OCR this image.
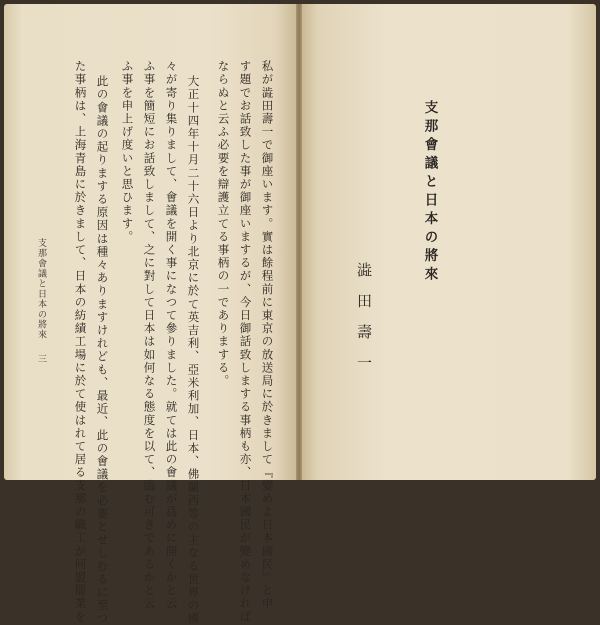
支那會議と日本の將來
三	私が澁田壽一で御座います。實は餘程前に東京の放送局に於きまして『變めよ日本國民』と申
す題でお話致した事が御座いまするが、今日御話致しまする事柄も亦、日本國民が變めなければ
ならぬと云ふ必要を辯護立てる事柄の一でありまする。
大正十四年十月二十六日より北京に於て英吉利、亞米利加、日本、佛蘭西等の主なる世界の國
々が寄り集りまして、會議を開く事になつて參りました。就ては此の會議が爲めに開くかと云
ふ事を簡短にお話致しまして、之に對して日本は如何なる態度を以て、臨む可きであるかと云
ふ事を申上げ度いと思ひます。
此の會議の起りまする原因は種々ありますけれども、最近、此の會議を必要とせしむるに至つ
た事柄は、上海青島に於きまして、日本の紡績工場に於て使はれて居る支那の職工が同盟罷業を	支那會議と日本の將來
澁田壽一
